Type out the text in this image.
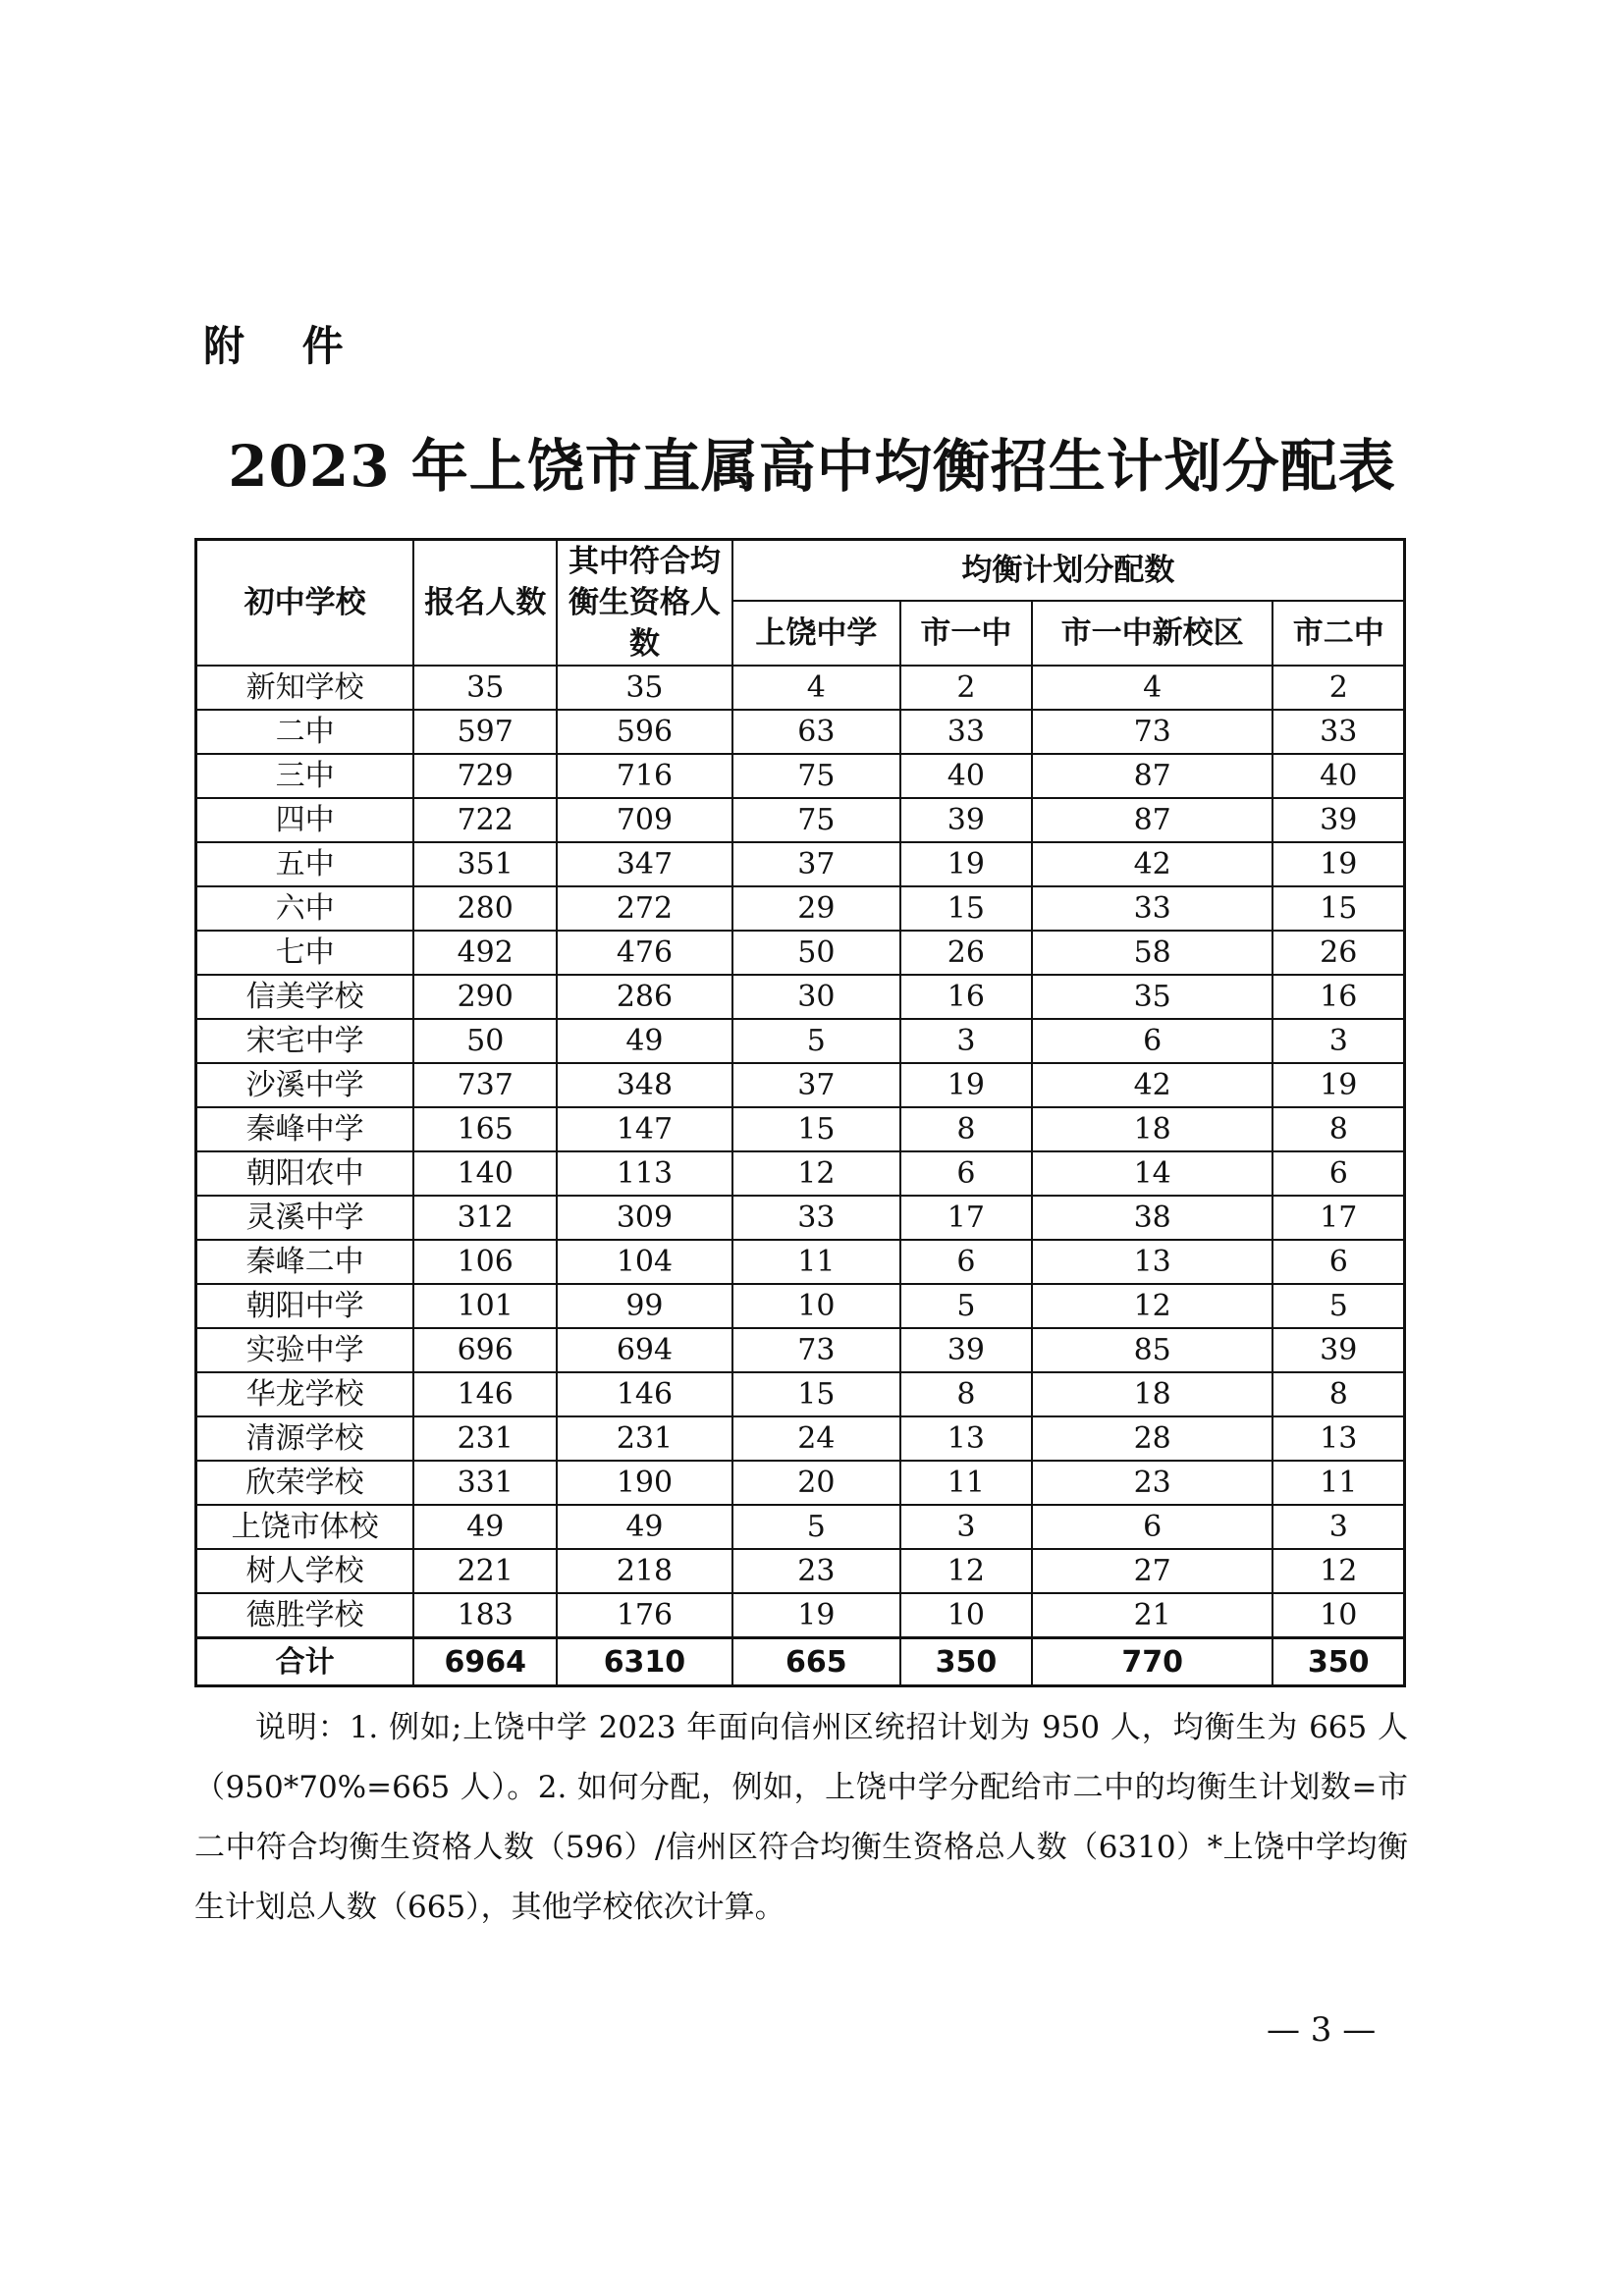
附 件
2023 年上饶市直属高中均衡招生计划分配表
初中学校	报名人数	其中符合均衡生资格人数	均衡计划分配数			
			上饶中学	市一中	市一中新校区	市二中
新知学校	35	35	4	2	4	2
二中	597	596	63	33	73	33
三中	729	716	75	40	87	40
四中	722	709	75	39	87	39
五中	351	347	37	19	42	19
六中	280	272	29	15	33	15
七中	492	476	50	26	58	26
信美学校	290	286	30	16	35	16
宋宅中学	50	49	5	3	6	3
沙溪中学	737	348	37	19	42	19
秦峰中学	165	147	15	8	18	8
朝阳农中	140	113	12	6	14	6
灵溪中学	312	309	33	17	38	17
秦峰二中	106	104	11	6	13	6
朝阳中学	101	99	10	5	12	5
实验中学	696	694	73	39	85	39
华龙学校	146	146	15	8	18	8
清源学校	231	231	24	13	28	13
欣荣学校	331	190	20	11	23	11
上饶市体校	49	49	5	3	6	3
树人学校	221	218	23	12	27	12
德胜学校	183	176	19	10	21	10
合计	6964	6310	665	350	770	350
说明：1. 例如;上饶中学 2023 年面向信州区统招计划为 950 人，均衡生为 665 人（950*70%=665 人）。2. 如何分配，例如，上饶中学分配给市二中的均衡生计划数=市二中符合均衡生资格人数（596）/信州区符合均衡生资格总人数（6310）*上饶中学均衡生计划总人数（665），其他学校依次计算。
— 3 —
